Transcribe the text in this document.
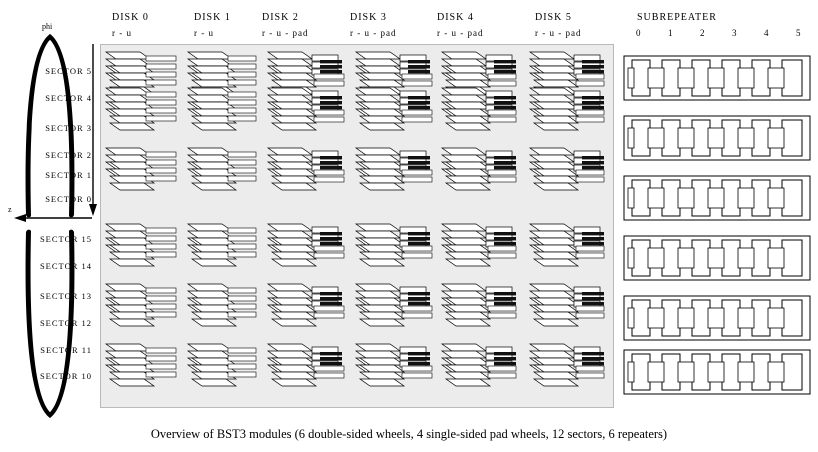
DISK 0
r - u
DISK 1
r - u
DISK 2
r - u - pad
DISK 3
r - u - pad
DISK 4
r - u - pad
DISK 5
r - u - pad
SUBREPEATER
0	1	2	3	4	5
phi
z
SECTOR 5
SECTOR 4
SECTOR 3
SECTOR 2
SECTOR 1
SECTOR 0
SECTOR 15
SECTOR 14
SECTOR 13
SECTOR 12
SECTOR 11
SECTOR 10
Overview of BST3 modules (6 double-sided wheels, 4 single-sided pad wheels, 12 sectors, 6 repeaters)
